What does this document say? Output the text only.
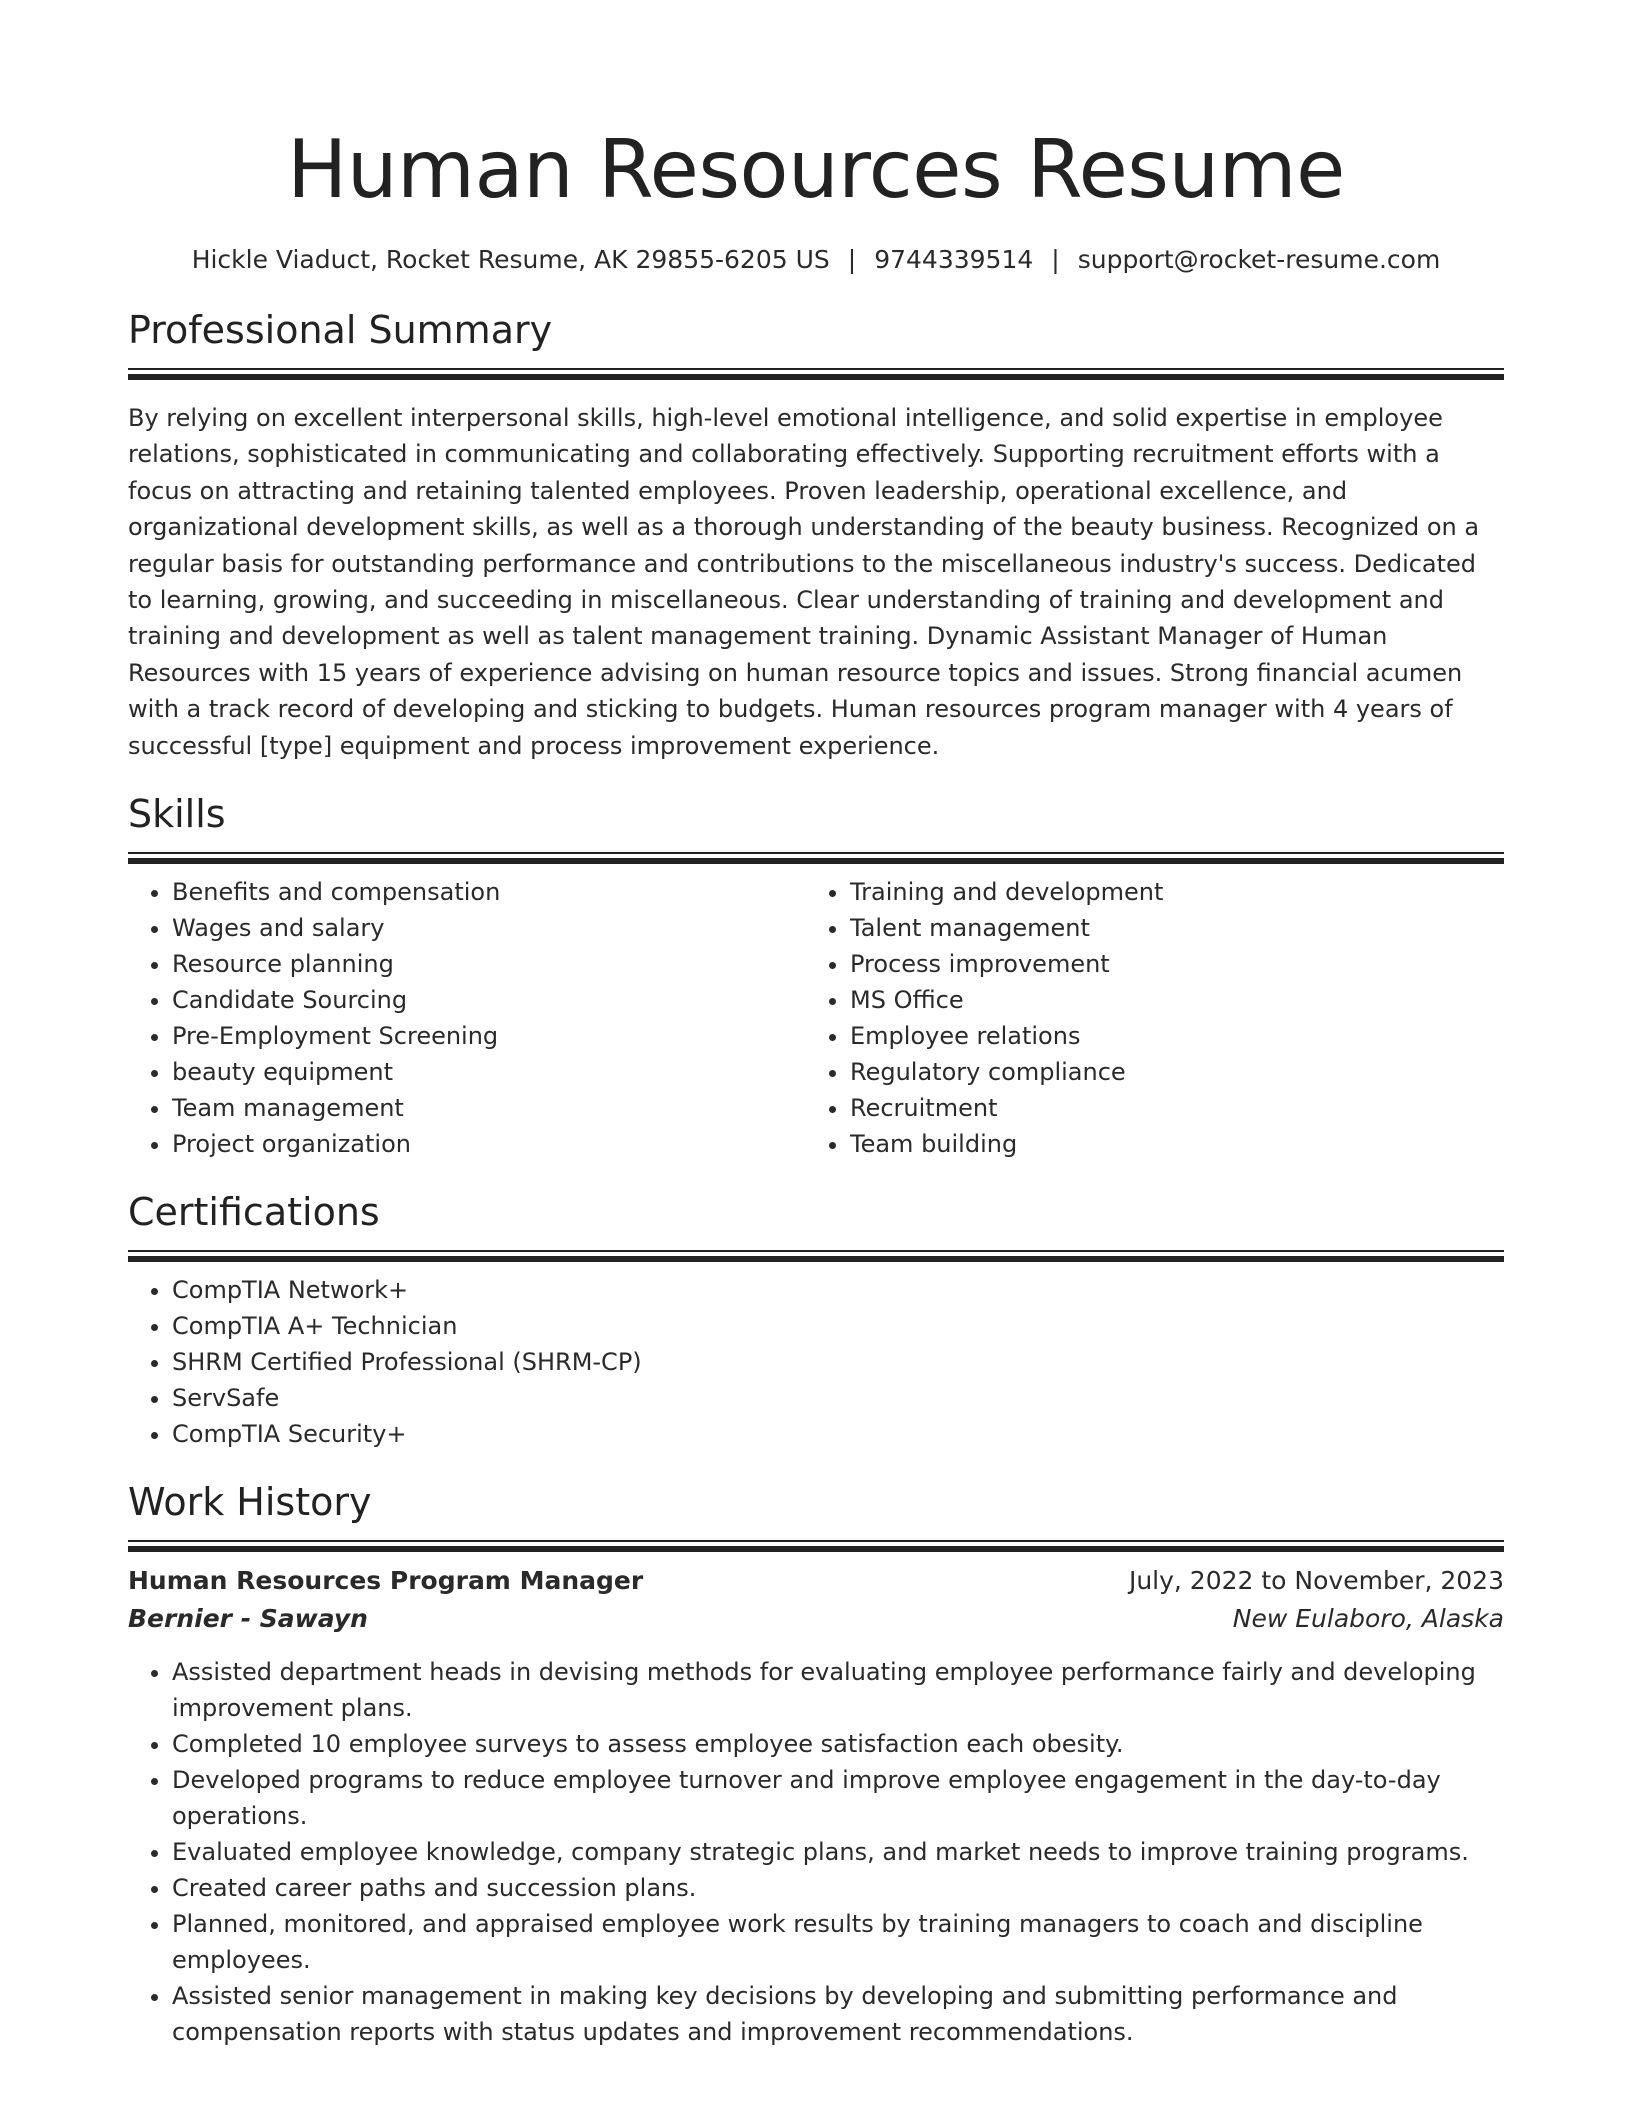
Human Resources Resume
Hickle Viaduct, Rocket Resume, AK 29855-6205 US | 9744339514 | support@rocket-resume.com
Professional Summary

By relying on excellent interpersonal skills, high-level emotional intelligence, and solid expertise in employee relations, sophisticated in communicating and collaborating effectively. Supporting recruitment efforts with a focus on attracting and retaining talented employees. Proven leadership, operational excellence, and organizational development skills, as well as a thorough understanding of the beauty business. Recognized on a regular basis for outstanding performance and contributions to the miscellaneous industry's success. Dedicated to learning, growing, and succeeding in miscellaneous. Clear understanding of training and development and training and development as well as talent management training. Dynamic Assistant Manager of Human Resources with 15 years of experience advising on human resource topics and issues. Strong financial acumen with a track record of developing and sticking to budgets. Human resources program manager with 4 years of successful [type] equipment and process improvement experience.

Skills
• Benefits and compensation
• Wages and salary
• Resource planning
• Candidate Sourcing
• Pre-Employment Screening
• beauty equipment
• Team management
• Project organization
• Training and development
• Talent management
• Process improvement
• MS Office
• Employee relations
• Regulatory compliance
• Recruitment
• Team building
Certifications
• CompTIA Network+
• CompTIA A+ Technician
• SHRM Certified Professional (SHRM-CP)
• ServSafe
• CompTIA Security+
Work History
Human Resources Program Manager	July, 2022 to November, 2023
Bernier - Sawayn	New Eulaboro, Alaska
• Assisted department heads in devising methods for evaluating employee performance fairly and developing improvement plans.
• Completed 10 employee surveys to assess employee satisfaction each obesity.
• Developed programs to reduce employee turnover and improve employee engagement in the day-to-day operations.
• Evaluated employee knowledge, company strategic plans, and market needs to improve training programs.
• Created career paths and succession plans.
• Planned, monitored, and appraised employee work results by training managers to coach and discipline employees.
• Assisted senior management in making key decisions by developing and submitting performance and compensation reports with status updates and improvement recommendations.
